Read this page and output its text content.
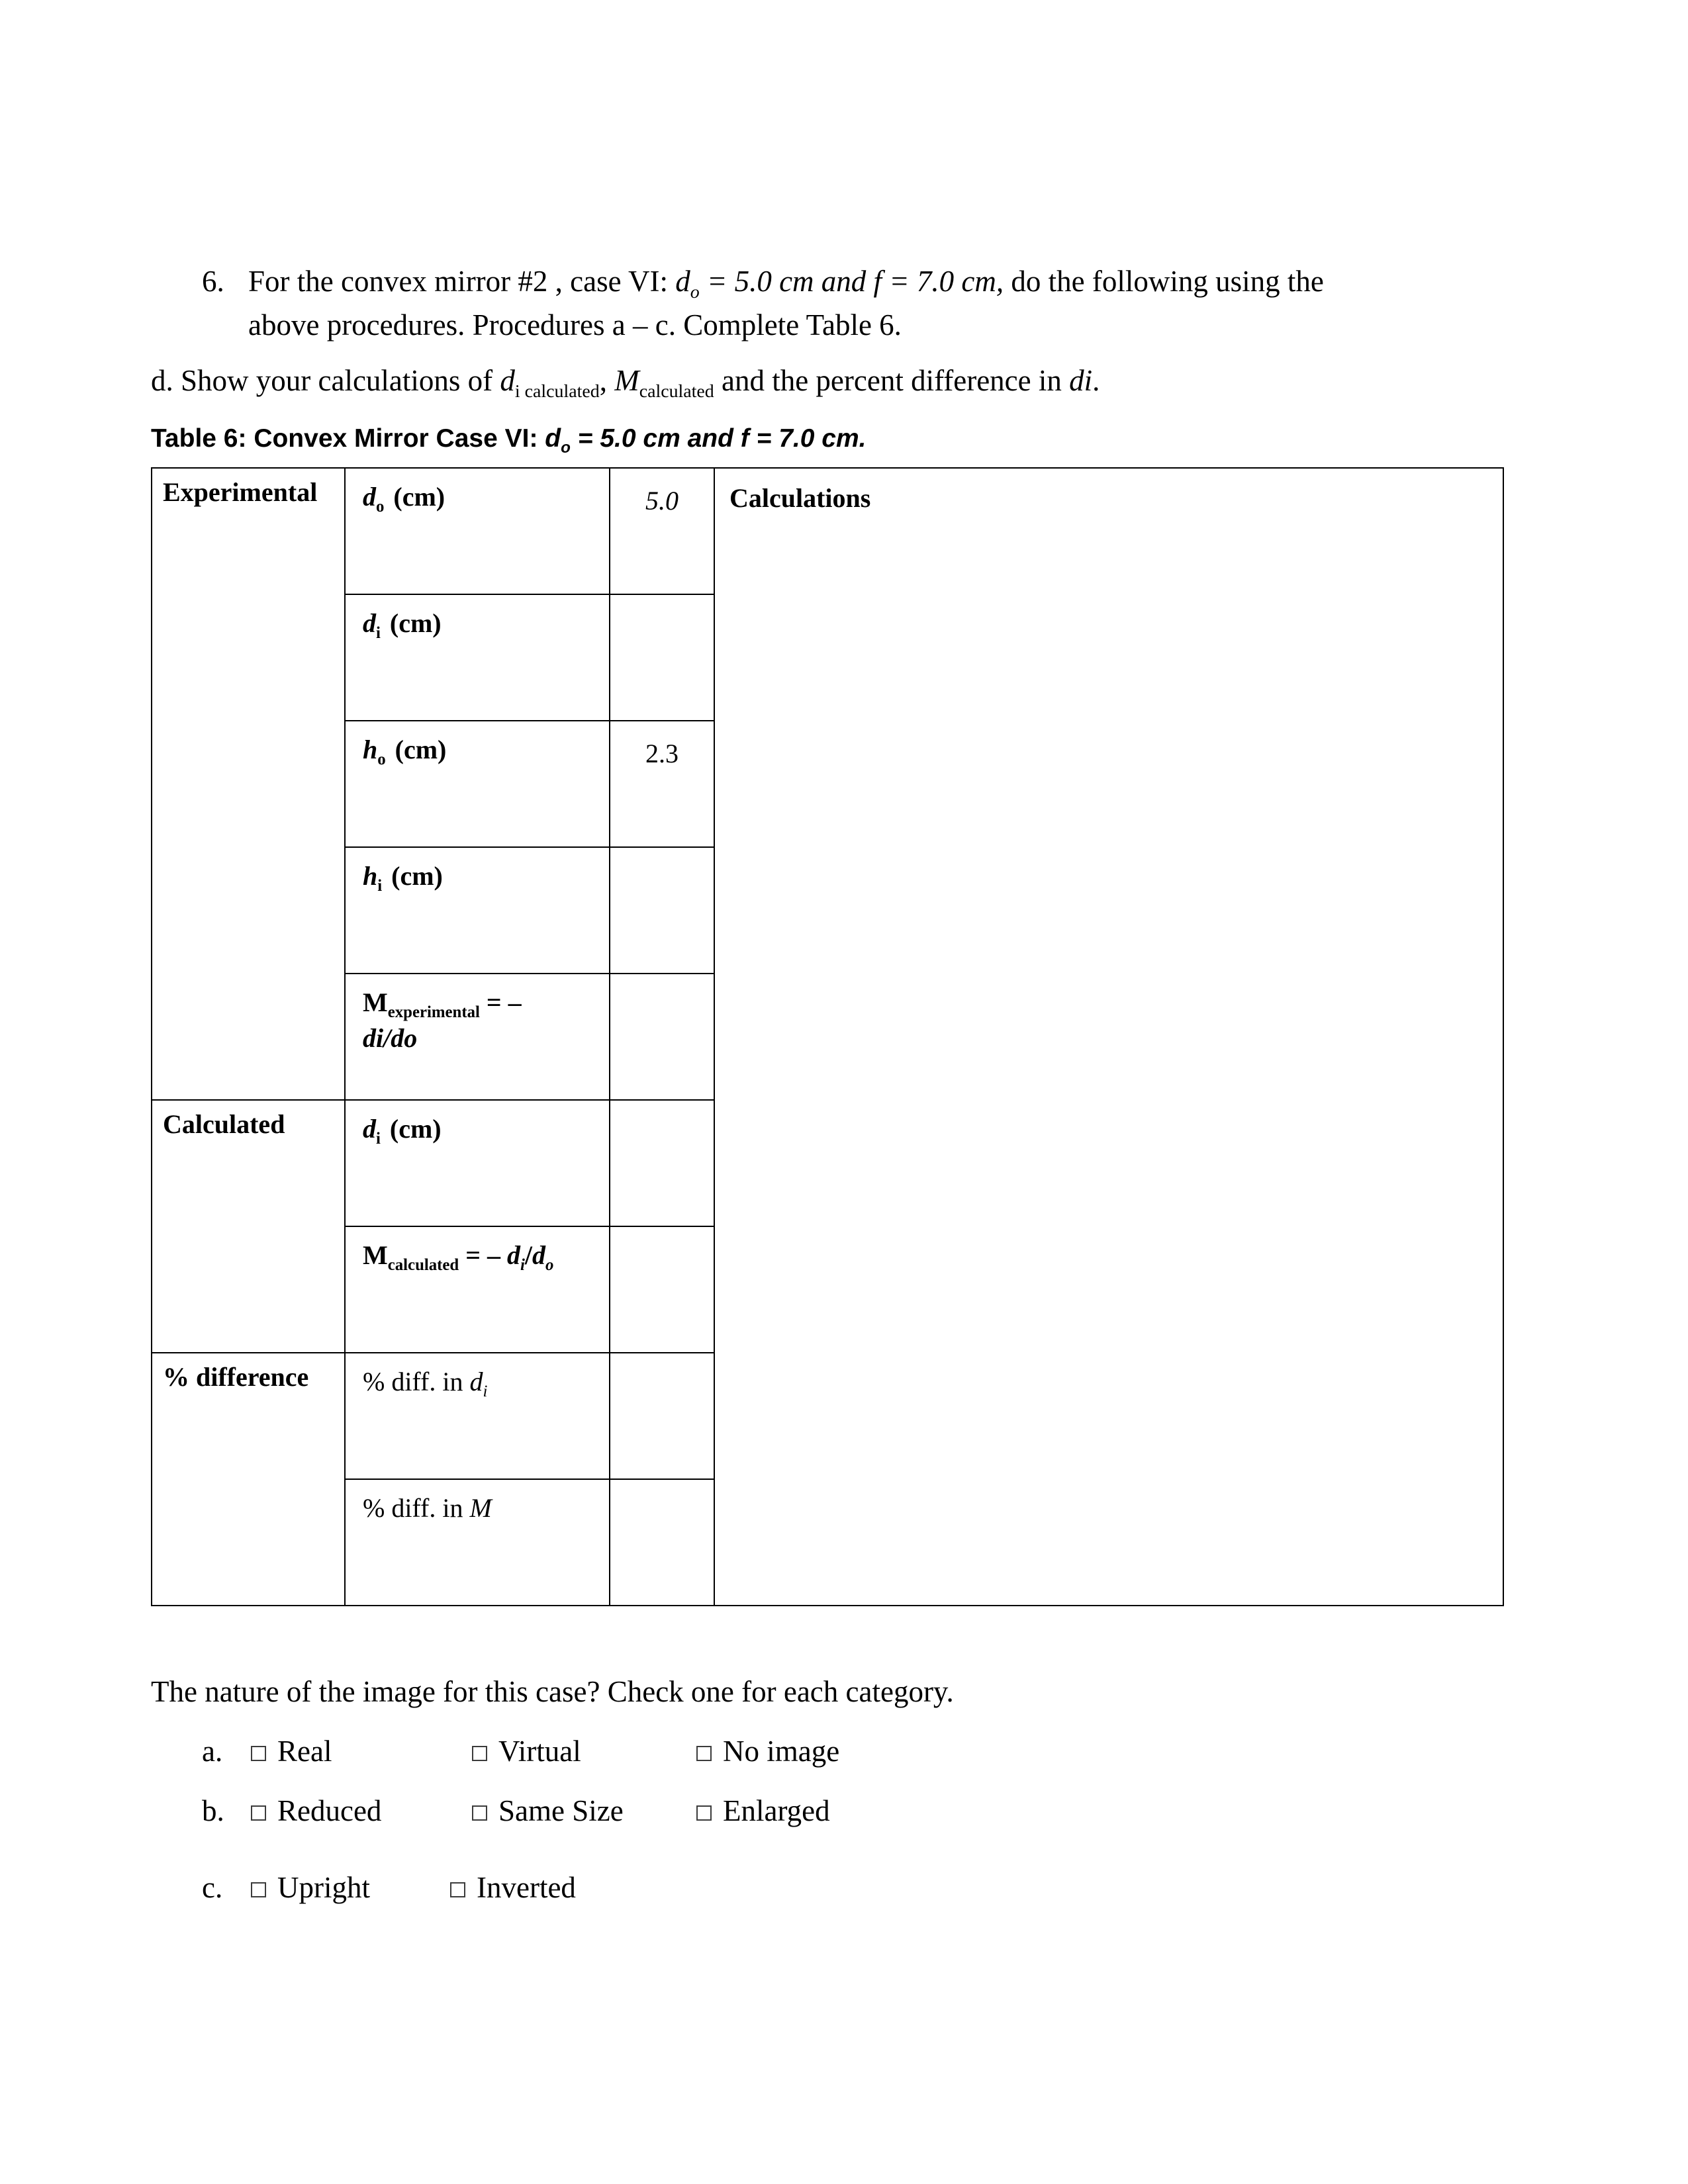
6. For the convex mirror #2 , case VI: $d_o = 5.0$ cm and f = 7.0 cm, do the following using the
above procedures. Procedures a – c. Complete Table 6.
d. Show your calculations of $d_{i calculated}$, $M_{calculated}$ and the percent difference in di.
Table 6: Convex Mirror Case VI: $d_o = 5.0$ cm and f = 7.0 cm.
Experimental	$d_o$ (cm)	5.0	Calculations
	$d_i$ (cm)		
	$h_o$ (cm)	2.3	
	$h_i$ (cm)		

	$M_{experimental}$ = –
di/do		

Calculated	$d_i$ (cm)		
	$M_{calculated}$ = – $d_i/d_o$	
% difference	% diff. in $d_i$	
	% diff. in M		
The nature of the image for this case? Check one for each category.
a.	Real	Virtual	No image
b.	Reduced	Same Size	Enlarged
c.	Upright	Inverted
